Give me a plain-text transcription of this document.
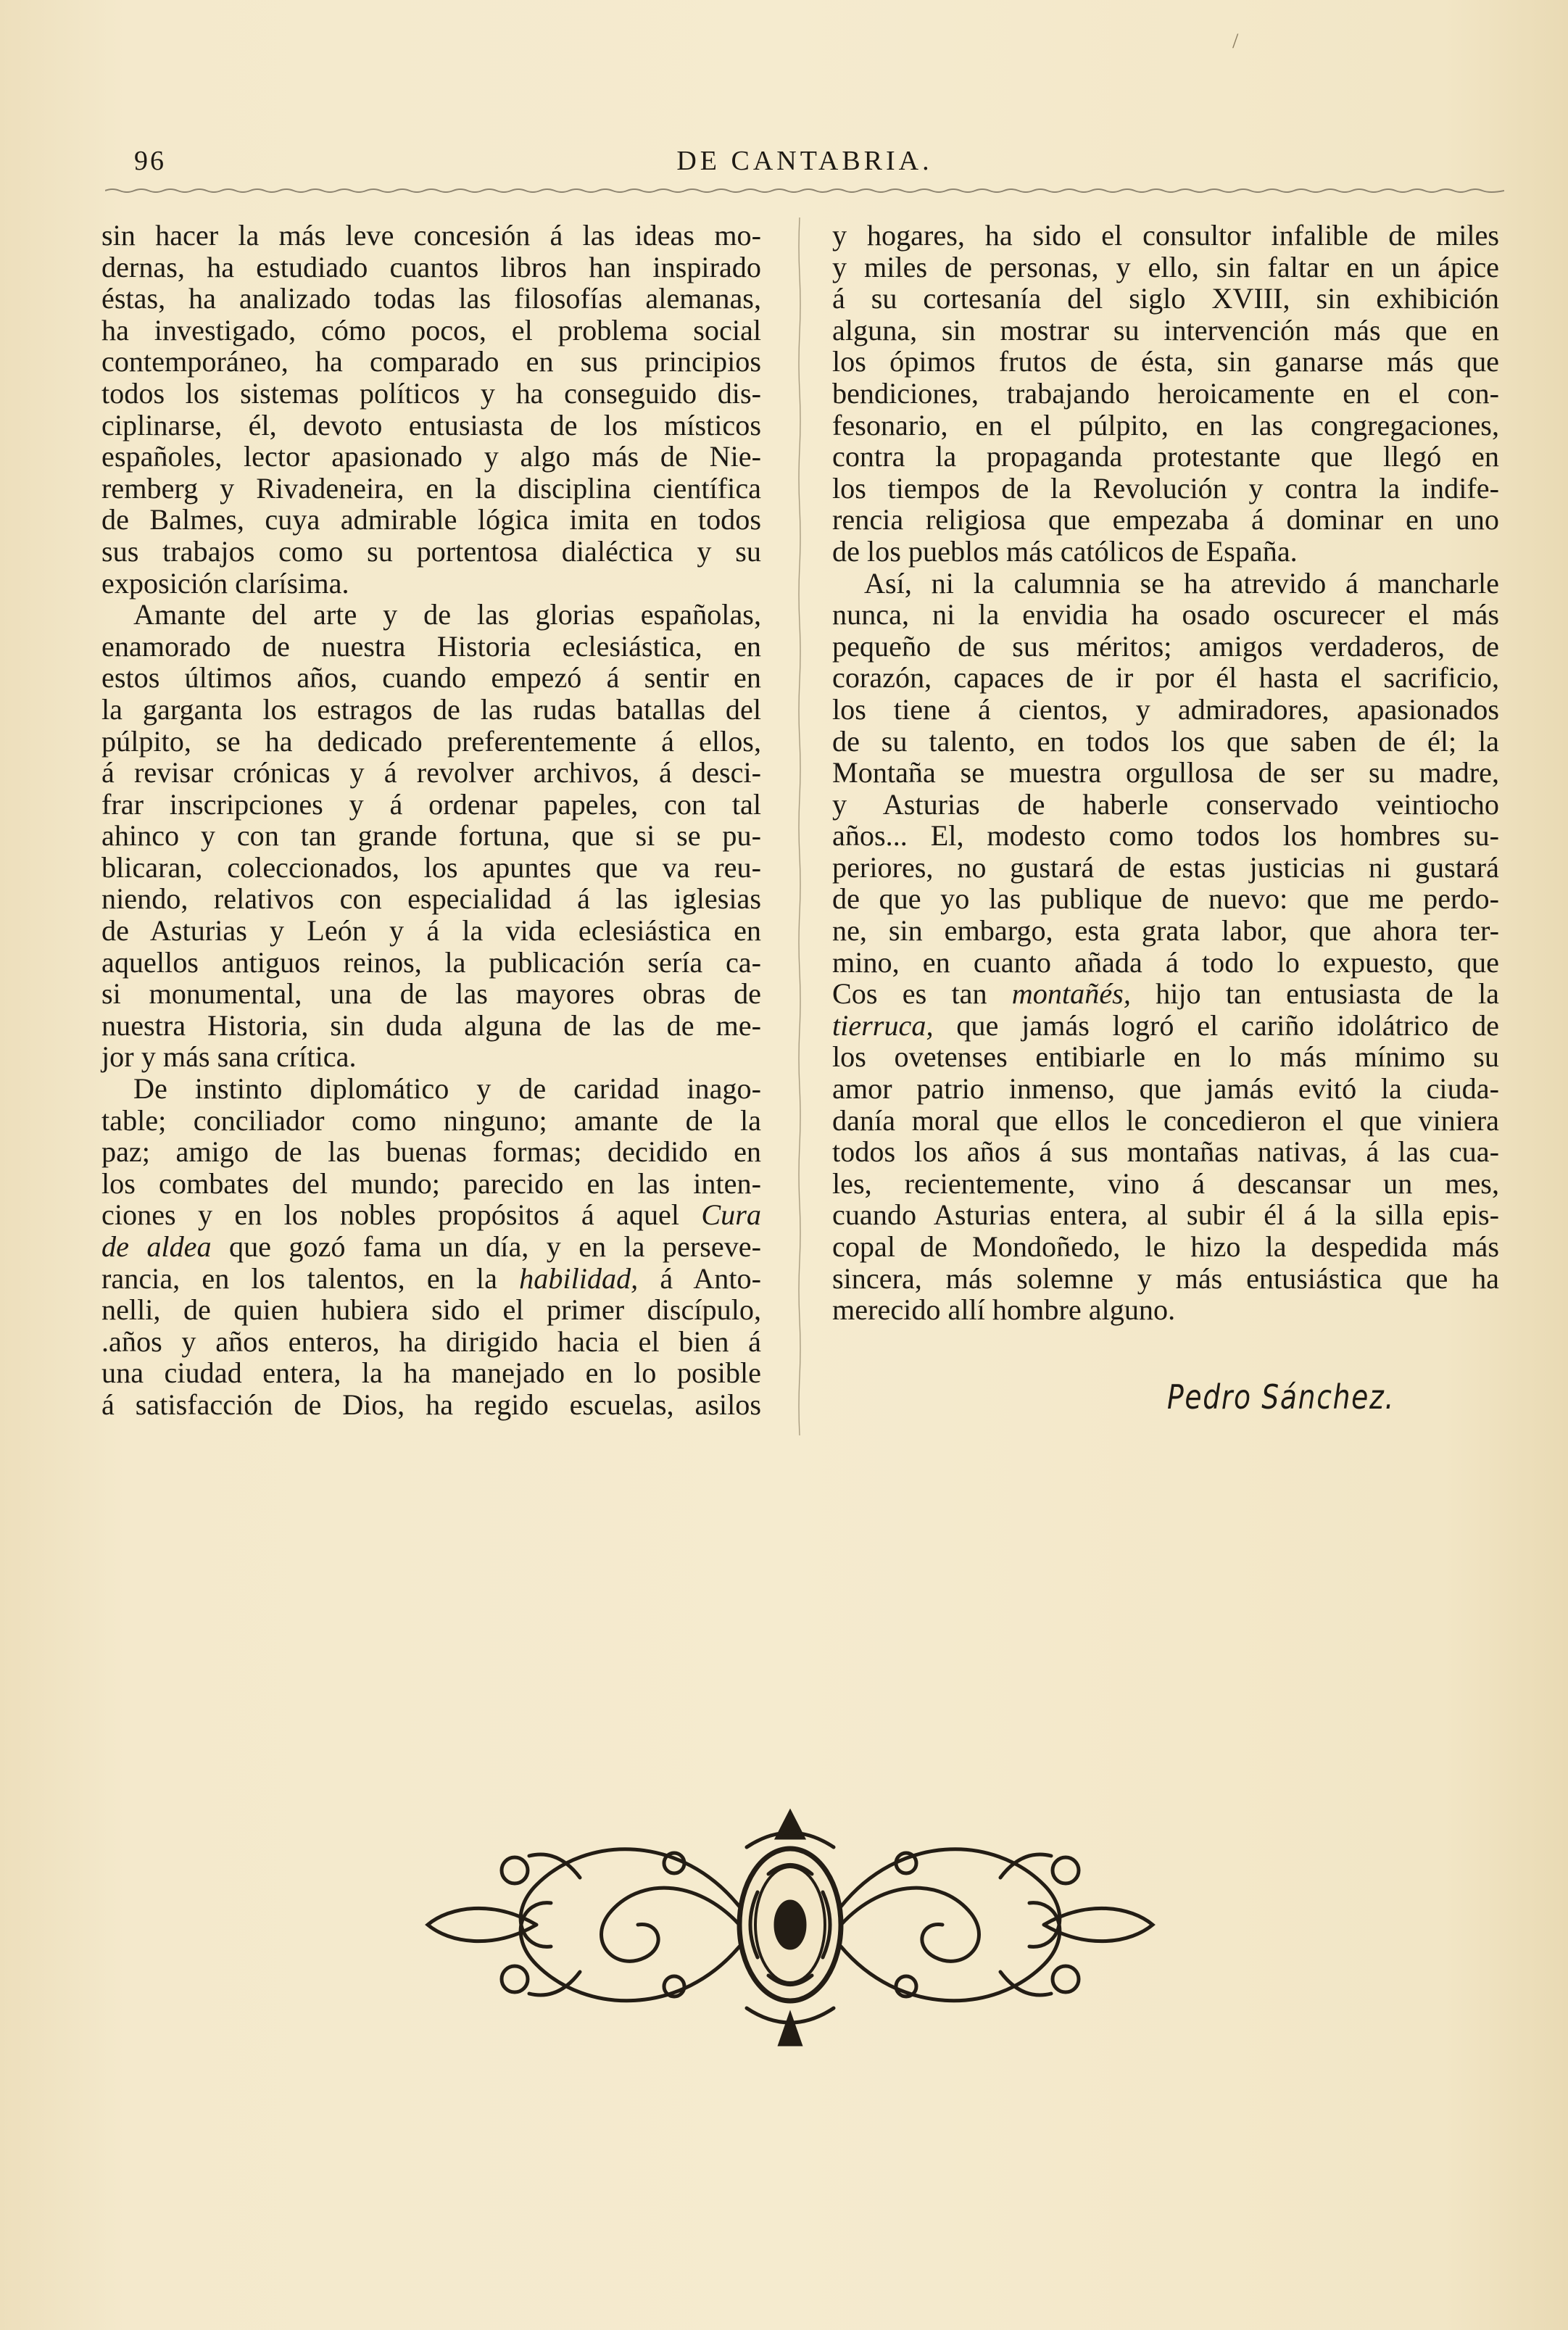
/
96	DE CANTABRIA.
sin hacer la más leve concesión á las ideas mo-
dernas, ha estudiado cuantos libros han inspirado
éstas, ha analizado todas las filosofías alemanas,
ha investigado, cómo pocos, el problema social
contemporáneo, ha comparado en sus principios
todos los sistemas políticos y ha conseguido dis-
ciplinarse, él, devoto entusiasta de los místicos
españoles, lector apasionado y algo más de Nie-
remberg y Rivadeneira, en la disciplina científica
de Balmes, cuya admirable lógica imita en todos
sus trabajos como su portentosa dialéctica y su
exposición clarísima.
Amante del arte y de las glorias españolas,
enamorado de nuestra Historia eclesiástica, en
estos últimos años, cuando empezó á sentir en
la garganta los estragos de las rudas batallas del
púlpito, se ha dedicado preferentemente á ellos,
á revisar crónicas y á revolver archivos, á desci-
frar inscripciones y á ordenar papeles, con tal
ahinco y con tan grande fortuna, que si se pu-
blicaran, coleccionados, los apuntes que va reu-
niendo, relativos con especialidad á las iglesias
de Asturias y León y á la vida eclesiástica en
aquellos antiguos reinos, la publicación sería ca-
si monumental, una de las mayores obras de
nuestra Historia, sin duda alguna de las de me-
jor y más sana crítica.
De instinto diplomático y de caridad inago-
table; conciliador como ninguno; amante de la
paz; amigo de las buenas formas; decidido en
los combates del mundo; parecido en las inten-
ciones y en los nobles propósitos á aquel Cura
de aldea que gozó fama un día, y en la perseve-
rancia, en los talentos, en la habilidad, á Anto-
nelli, de quien hubiera sido el primer discípulo,
.años y años enteros, ha dirigido hacia el bien á
una ciudad entera, la ha manejado en lo posible
á satisfacción de Dios, ha regido escuelas, asilos
y hogares, ha sido el consultor infalible de miles
y miles de personas, y ello, sin faltar en un ápice
á su cortesanía del siglo XVIII, sin exhibición
alguna, sin mostrar su intervención más que en
los ópimos frutos de ésta, sin ganarse más que
bendiciones, trabajando heroicamente en el con-
fesonario, en el púlpito, en las congregaciones,
contra la propaganda protestante que llegó en
los tiempos de la Revolución y contra la indife-
rencia religiosa que empezaba á dominar en uno
de los pueblos más católicos de España.
Así, ni la calumnia se ha atrevido á mancharle
nunca, ni la envidia ha osado oscurecer el más
pequeño de sus méritos; amigos verdaderos, de
corazón, capaces de ir por él hasta el sacrificio,
los tiene á cientos, y admiradores, apasionados
de su talento, en todos los que saben de él; la
Montaña se muestra orgullosa de ser su madre,
y Asturias de haberle conservado veintiocho
años... El, modesto como todos los hombres su-
periores, no gustará de estas justicias ni gustará
de que yo las publique de nuevo: que me perdo-
ne, sin embargo, esta grata labor, que ahora ter-
mino, en cuanto añada á todo lo expuesto, que
Cos es tan montañés, hijo tan entusiasta de la
tierruca, que jamás logró el cariño idolátrico de
los ovetenses entibiarle en lo más mínimo su
amor patrio inmenso, que jamás evitó la ciuda-
danía moral que ellos le concedieron el que viniera
todos los años á sus montañas nativas, á las cua-
les, recientemente, vino á descansar un mes,
cuando Asturias entera, al subir él á la silla epis-
copal de Mondoñedo, le hizo la despedida más
sincera, más solemne y más entusiástica que ha
merecido allí hombre alguno.
Pedro Sánchez.
